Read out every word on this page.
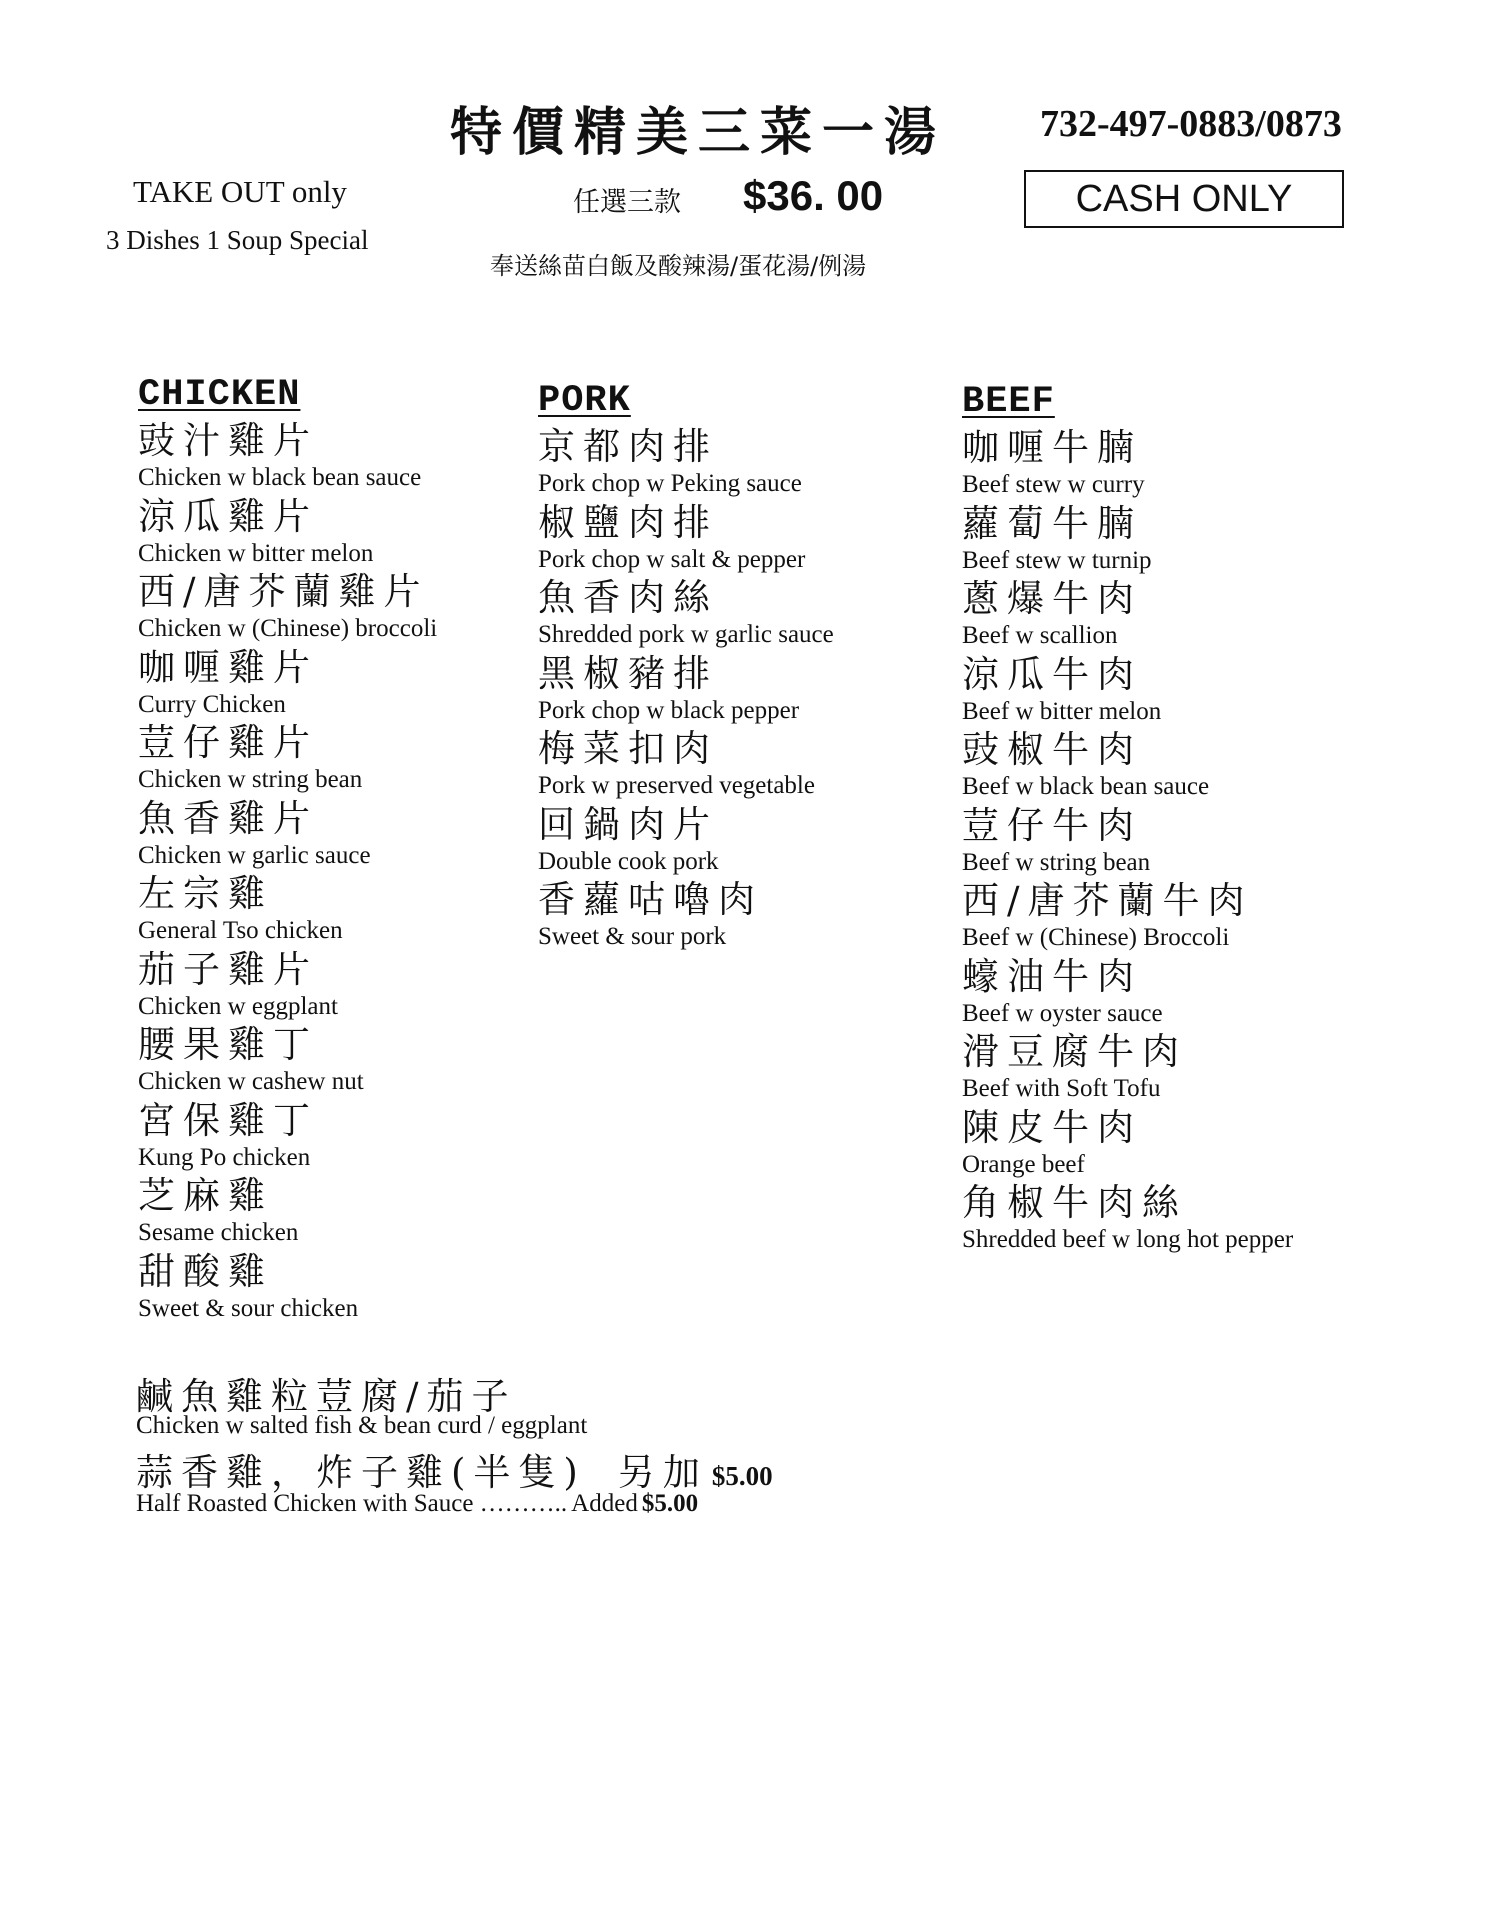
特價精美三菜一湯 732-497-0883/0873
TAKE OUT only
3 Dishes 1 Soup Special
任選三款 $36. 00	CASH ONLY
奉送絲苗白飯及酸辣湯/蛋花湯/例湯
CHICKEN
豉汁雞片
Chicken w black bean sauce
涼瓜雞片
Chicken w bitter melon
西/唐芥蘭雞片
Chicken w (Chinese) broccoli
咖喱雞片
Curry Chicken
荳仔雞片
Chicken w string bean
魚香雞片
Chicken w garlic sauce
左宗雞
General Tso chicken
茄子雞片
Chicken w eggplant
腰果雞丁
Chicken w cashew nut
宮保雞丁
Kung Po chicken
芝麻雞
Sesame chicken
甜酸雞
Sweet & sour chicken
PORK
京都肉排
Pork chop w Peking sauce
椒鹽肉排
Pork chop w salt & pepper
魚香肉絲
Shredded pork w garlic sauce
黑椒豬排
Pork chop w black pepper
梅菜扣肉
Pork w preserved vegetable
回鍋肉片
Double cook pork
香蘿咕嚕肉
Sweet & sour pork
BEEF
咖喱牛腩
Beef stew w curry
蘿蔔牛腩
Beef stew w turnip
蔥爆牛肉
Beef w scallion
涼瓜牛肉
Beef w bitter melon
豉椒牛肉
Beef w black bean sauce
荳仔牛肉
Beef w string bean
西/唐芥蘭牛肉
Beef w (Chinese) Broccoli
蠔油牛肉
Beef w oyster sauce
滑豆腐牛肉
Beef with Soft Tofu
陳皮牛肉
Orange beef
角椒牛肉絲
Shredded beef w long hot pepper
鹹魚雞粒荳腐/茄子
Chicken w salted fish & bean curd / eggplant
蒜香雞，炸子雞(半隻) 另加 $5.00
Half Roasted Chicken with Sauce ……….. Added $5.00
